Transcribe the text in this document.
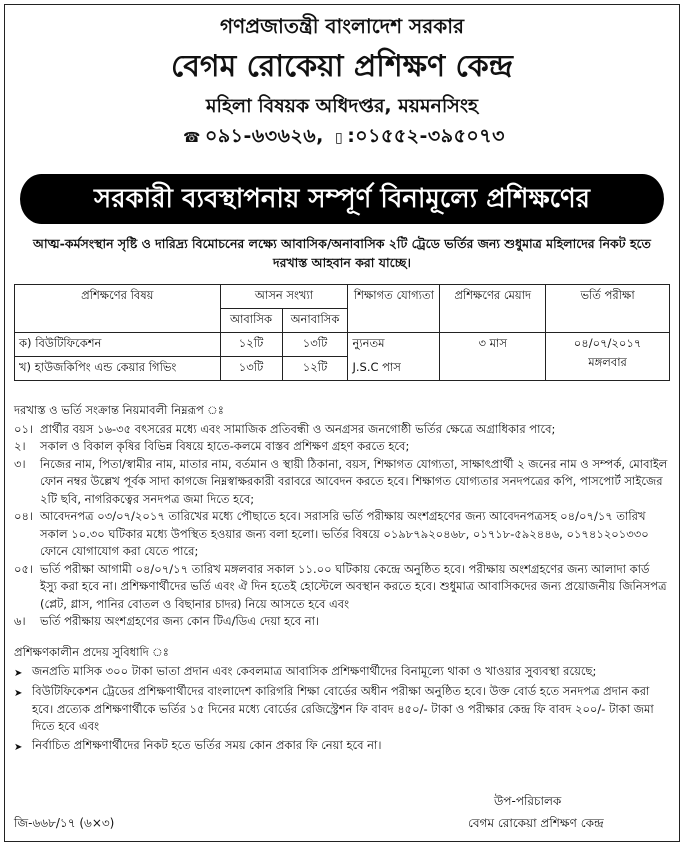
গণপ্রজাতন্ত্রী বাংলাদেশ সরকার
বেগম রোকেয়া প্রশিক্ষণ কেন্দ্র
মহিলা বিষয়ক অধিদপ্তর, ময়মনসিংহ
☎ ০৯১-৬৩৬২৬, ▯ :০১৫৫২-৩৯৫০৭৩
সরকারী ব্যবস্থাপনায় সম্পূর্ণ বিনামূল্যে প্রশিক্ষণের
আত্ম-কর্মসংস্থান সৃষ্টি ও দারিদ্র্য বিমোচনের লক্ষ্যে আবাসিক/অনাবাসিক ২টি ট্রেডে ভর্তির জন্য শুধুমাত্র মহিলাদের নিকট হতে দরখাস্ত আহবান করা যাচ্ছে।
প্রশিক্ষণের বিষয়	আসন সংখ্যা		শিক্ষাগত যোগ্যতা	প্রশিক্ষণের মেয়াদ	ভর্তি পরীক্ষা
	আবাসিক	অনাবাসিক			
ক) বিউটিফিকেশন	১২টি	১৩টি	ন্যুনতম	৩ মাস	০৪/০৭/২০১৭
মঙ্গলবার

খ) হাউজকিপিং এন্ড কেয়ার গিভিং	১৩টি	১২টি	J.S.C পাস		
দরখাস্ত ও ভর্তি সংক্রান্ত নিয়মাবলী নিম্নরূপ ঃ
০১। প্রার্থীর বয়স ১৬-৩৫ বৎসরের মধ্যে এবং সামাজিক প্রতিবন্ধী ও অনগ্রসর জনগোষ্ঠী ভর্তির ক্ষেত্রে অগ্রাধিকার পাবে;
২।	সকাল ও বিকাল কৃষির বিভিন্ন বিষয়ে হাতে-কলমে বাস্তব প্রশিক্ষণ গ্রহণ করতে হবে;
৩।	নিজের নাম, পিতা/স্বামীর নাম, মাতার নাম, বর্তমান ও স্থায়ী ঠিকানা, বয়স, শিক্ষাগত যোগ্যতা, সাক্ষাৎপ্রার্থী ২ জনের নাম ও সম্পর্ক, মোবাইল ফোন নম্বর উল্লেখ পূর্বক সাদা কাগজে নিম্নস্বাক্ষরকারী বরাবরে আবেদন করতে হবে। শিক্ষাগত যোগ্যতার সনদপত্রের কপি, পাসপোর্ট সাইজের ২টি ছবি, নাগরিকত্বের সনদপত্র জমা দিতে হবে;
০৪। আবেদনপত্র ০৩/০৭/২০১৭ তারিখের মধ্যে পৌছাতে হবে। সরাসরি ভর্তি পরীক্ষায় অংশগ্রহণের জন্য আবেদনপত্রসহ ০৪/০৭/১৭ তারিখ সকাল ১০.৩০ ঘটিকার মধ্যে উপস্থিত হওয়ার জন্য বলা হলো। ভর্তির বিষয়ে ০১৯৮৭৯২০৪৬৮, ০১৭১৮-৫৯২৪৪৬, ০১৭৪১২০১৩৩০ ফোনে যোগাযোগ করা যেতে পারে;
০৫। ভর্তি পরীক্ষা আগামী ০৪/০৭/১৭ তারিখ মঙ্গলবার সকাল ১১.০০ ঘটিকায় কেন্দ্রে অনুষ্ঠিত হবে। পরীক্ষায় অংশগ্রহণের জন্য আলাদা কার্ড ইস্যু করা হবে না। প্রশিক্ষণার্থীদের ভর্তি এবং ঐ দিন হতেই হোস্টেলে অবস্থান করতে হবে। শুধুমাত্র আবাসিকদের জন্য প্রয়োজনীয় জিনিসপত্র (প্লেট, গ্লাস, পানির বোতল ও বিছানার চাদর) নিয়ে আসতে হবে এবং
৬।	ভর্তি পরীক্ষায় অংশগ্রহণের জন্য কোন টিএ/ডিএ দেয়া হবে না।
প্রশিক্ষণকালীন প্রদেয় সুবিধাদি ঃ
➤ জনপ্রতি মাসিক ৩০০ টাকা ভাতা প্রদান এবং কেবলমাত্র আবাসিক প্রশিক্ষণার্থীদের বিনামূল্যে থাকা ও খাওয়ার সুব্যবস্থা রয়েছে;
➤ বিউটিফিকেশন ট্রেডের প্রশিক্ষণার্থীদের বাংলাদেশ কারিগরি শিক্ষা বোর্ডের অধীন পরীক্ষা অনুষ্ঠিত হবে। উক্ত বোর্ড হতে সনদপত্র প্রদান করা হবে। প্রত্যেক প্রশিক্ষণার্থীকে ভর্তির ১৫ দিনের মধ্যে বোর্ডের রেজিস্ট্রেশন ফি বাবদ ৪৫০/- টাকা ও পরীক্ষার কেন্দ্র ফি বাবদ ২০০/- টাকা জমা দিতে হবে এবং
➤ নির্বাচিত প্রশিক্ষণার্থীদের নিকট হতে ভর্তির সময় কোন প্রকার ফি নেয়া হবে না।
উপ-পরিচালক
জি-৬৬৮/১৭ (৬×৩)	বেগম রোকেয়া প্রশিক্ষণ কেন্দ্র
